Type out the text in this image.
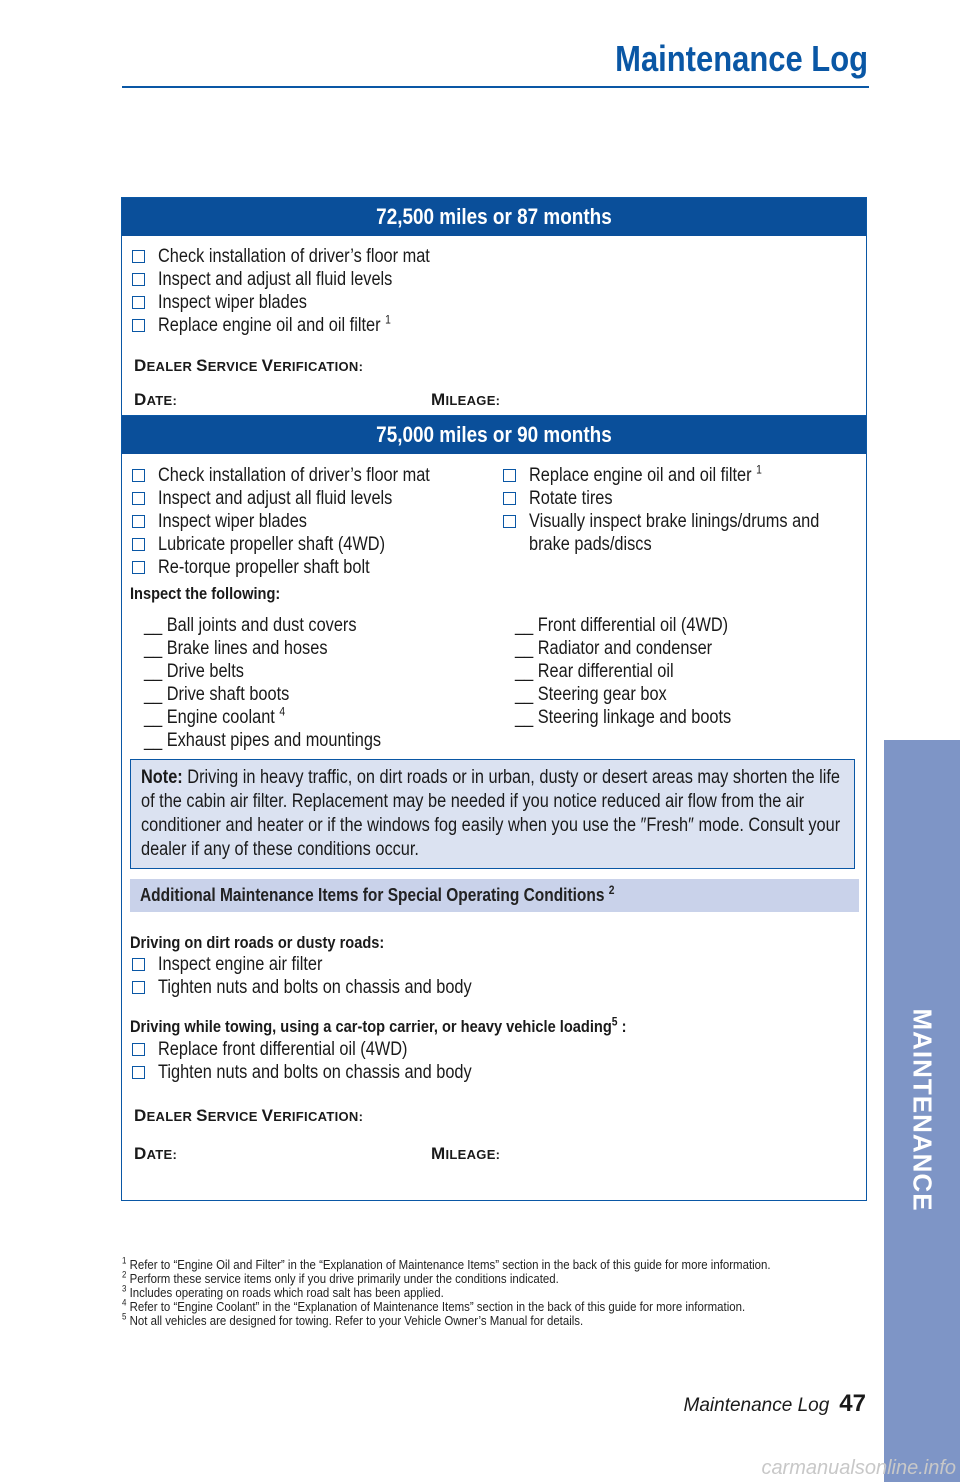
Maintenance Log
72,500 miles or 87 months
Check installation of driver’s floor mat
Inspect and adjust all fluid levels
Inspect wiper blades
Replace engine oil and oil filter $^1$
DEALER SERVICE VERIFICATION:
DATE:	MILEAGE:
75,000 miles or 90 months
Check installation of driver’s floor mat
Inspect and adjust all fluid levels
Inspect wiper blades
Lubricate propeller shaft (4WD)
Re-torque propeller shaft bolt
Replace engine oil and oil filter $^1$
Rotate tires
Visually inspect brake linings/drums and
brake pads/discs
Inspect the following:
__ Ball joints and dust covers
__ Brake lines and hoses
__ Drive belts
__ Drive shaft boots
__ Engine coolant $^4$
__ Exhaust pipes and mountings
__ Front differential oil (4WD)
__ Radiator and condenser
__ Rear differential oil
__ Steering gear box
__ Steering linkage and boots
Note: Driving in heavy traffic, on dirt roads or in urban, dusty or desert areas may shorten the life of the cabin air filter. Replacement may be needed if you notice reduced air flow from the air conditioner and heater or if the windows fog easily when you use the ″Fresh″ mode. Consult your dealer if any of these conditions occur.
Additional Maintenance Items for Special Operating Conditions $^2$
Driving on dirt roads or dusty roads:
Inspect engine air filter
Tighten nuts and bolts on chassis and body
Driving while towing, using a car-top carrier, or heavy vehicle loading$^5$ :
Replace front differential oil (4WD)
Tighten nuts and bolts on chassis and body
DEALER SERVICE VERIFICATION:
DATE:	MILEAGE:
$^1$ Refer to “Engine Oil and Filter” in the “Explanation of Maintenance Items” section in the back of this guide for more information.
$^2$ Perform these service items only if you drive primarily under the conditions indicated.
$^3$ Includes operating on roads which road salt has been applied.
$^4$ Refer to “Engine Coolant” in the “Explanation of Maintenance Items” section in the back of this guide for more information.
$^5$ Not all vehicles are designed for towing. Refer to your Vehicle Owner’s Manual for details.
Maintenance Log 47
MAINTENANCE
carmanualsonline.info
